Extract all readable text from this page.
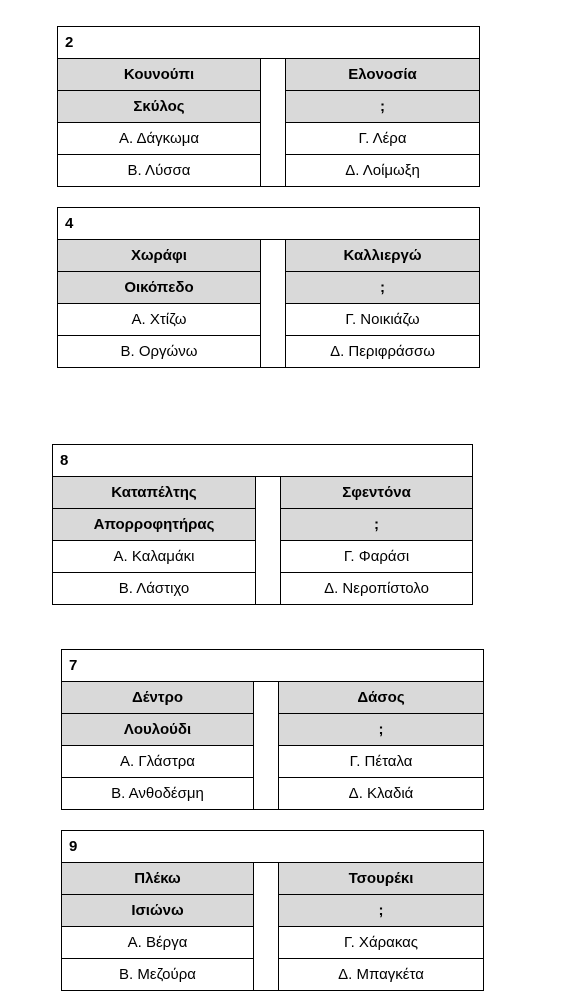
2		
Κουνούπι		Ελονοσία
Σκύλος		;
Α. Δάγκωμα		Γ. Λέρα
Β. Λύσσα		Δ. Λοίμωξη
4		
Χωράφι		Καλλιεργώ
Οικόπεδο		;
Α. Χτίζω		Γ. Νοικιάζω
Β. Οργώνω		Δ. Περιφράσσω
8		
Καταπέλτης		Σφεντόνα
Απορροφητήρας		;
Α. Καλαμάκι		Γ. Φαράσι
Β. Λάστιχο		Δ. Νεροπίστολο
7		
Δέντρο		Δάσος
Λουλούδι		;
Α. Γλάστρα		Γ. Πέταλα
Β. Ανθοδέσμη		Δ. Κλαδιά
9		
Πλέκω		Τσουρέκι
Ισιώνω		;
Α. Βέργα		Γ. Χάρακας
Β. Μεζούρα		Δ. Μπαγκέτα
